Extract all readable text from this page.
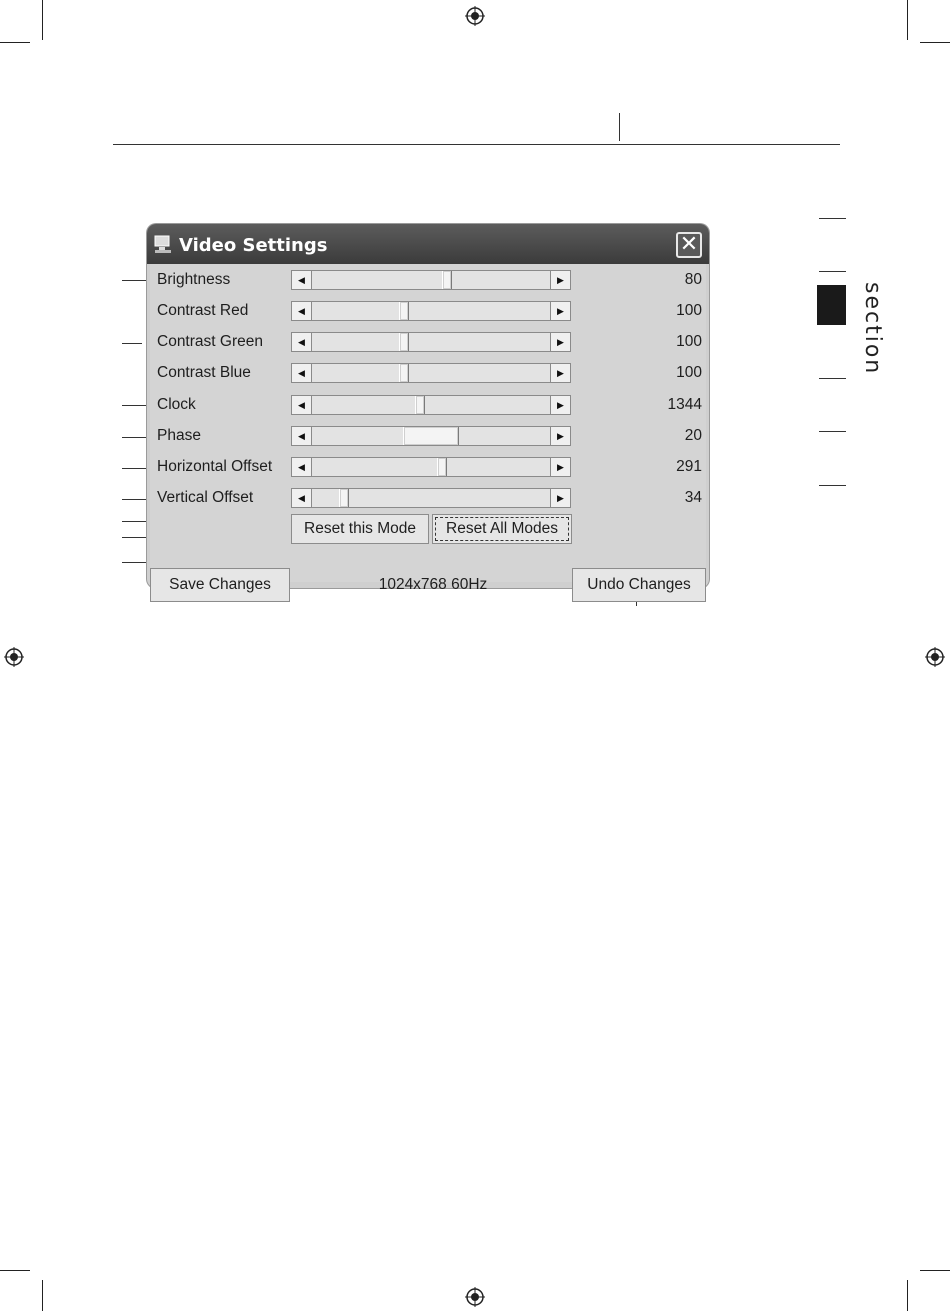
section
Video Settings	✕
Brightness	◀	▶	80
Contrast Red	◀	▶	100
Contrast Green	◀	▶	100
Contrast Blue	◀	▶	100
Clock	◀	▶	1344
Phase	◀	▶	20
Horizontal Offset	◀	▶	291
Vertical Offset	◀	▶	34
Reset this Mode	Reset All Modes
Save Changes	1024x768 60Hz	Undo Changes
